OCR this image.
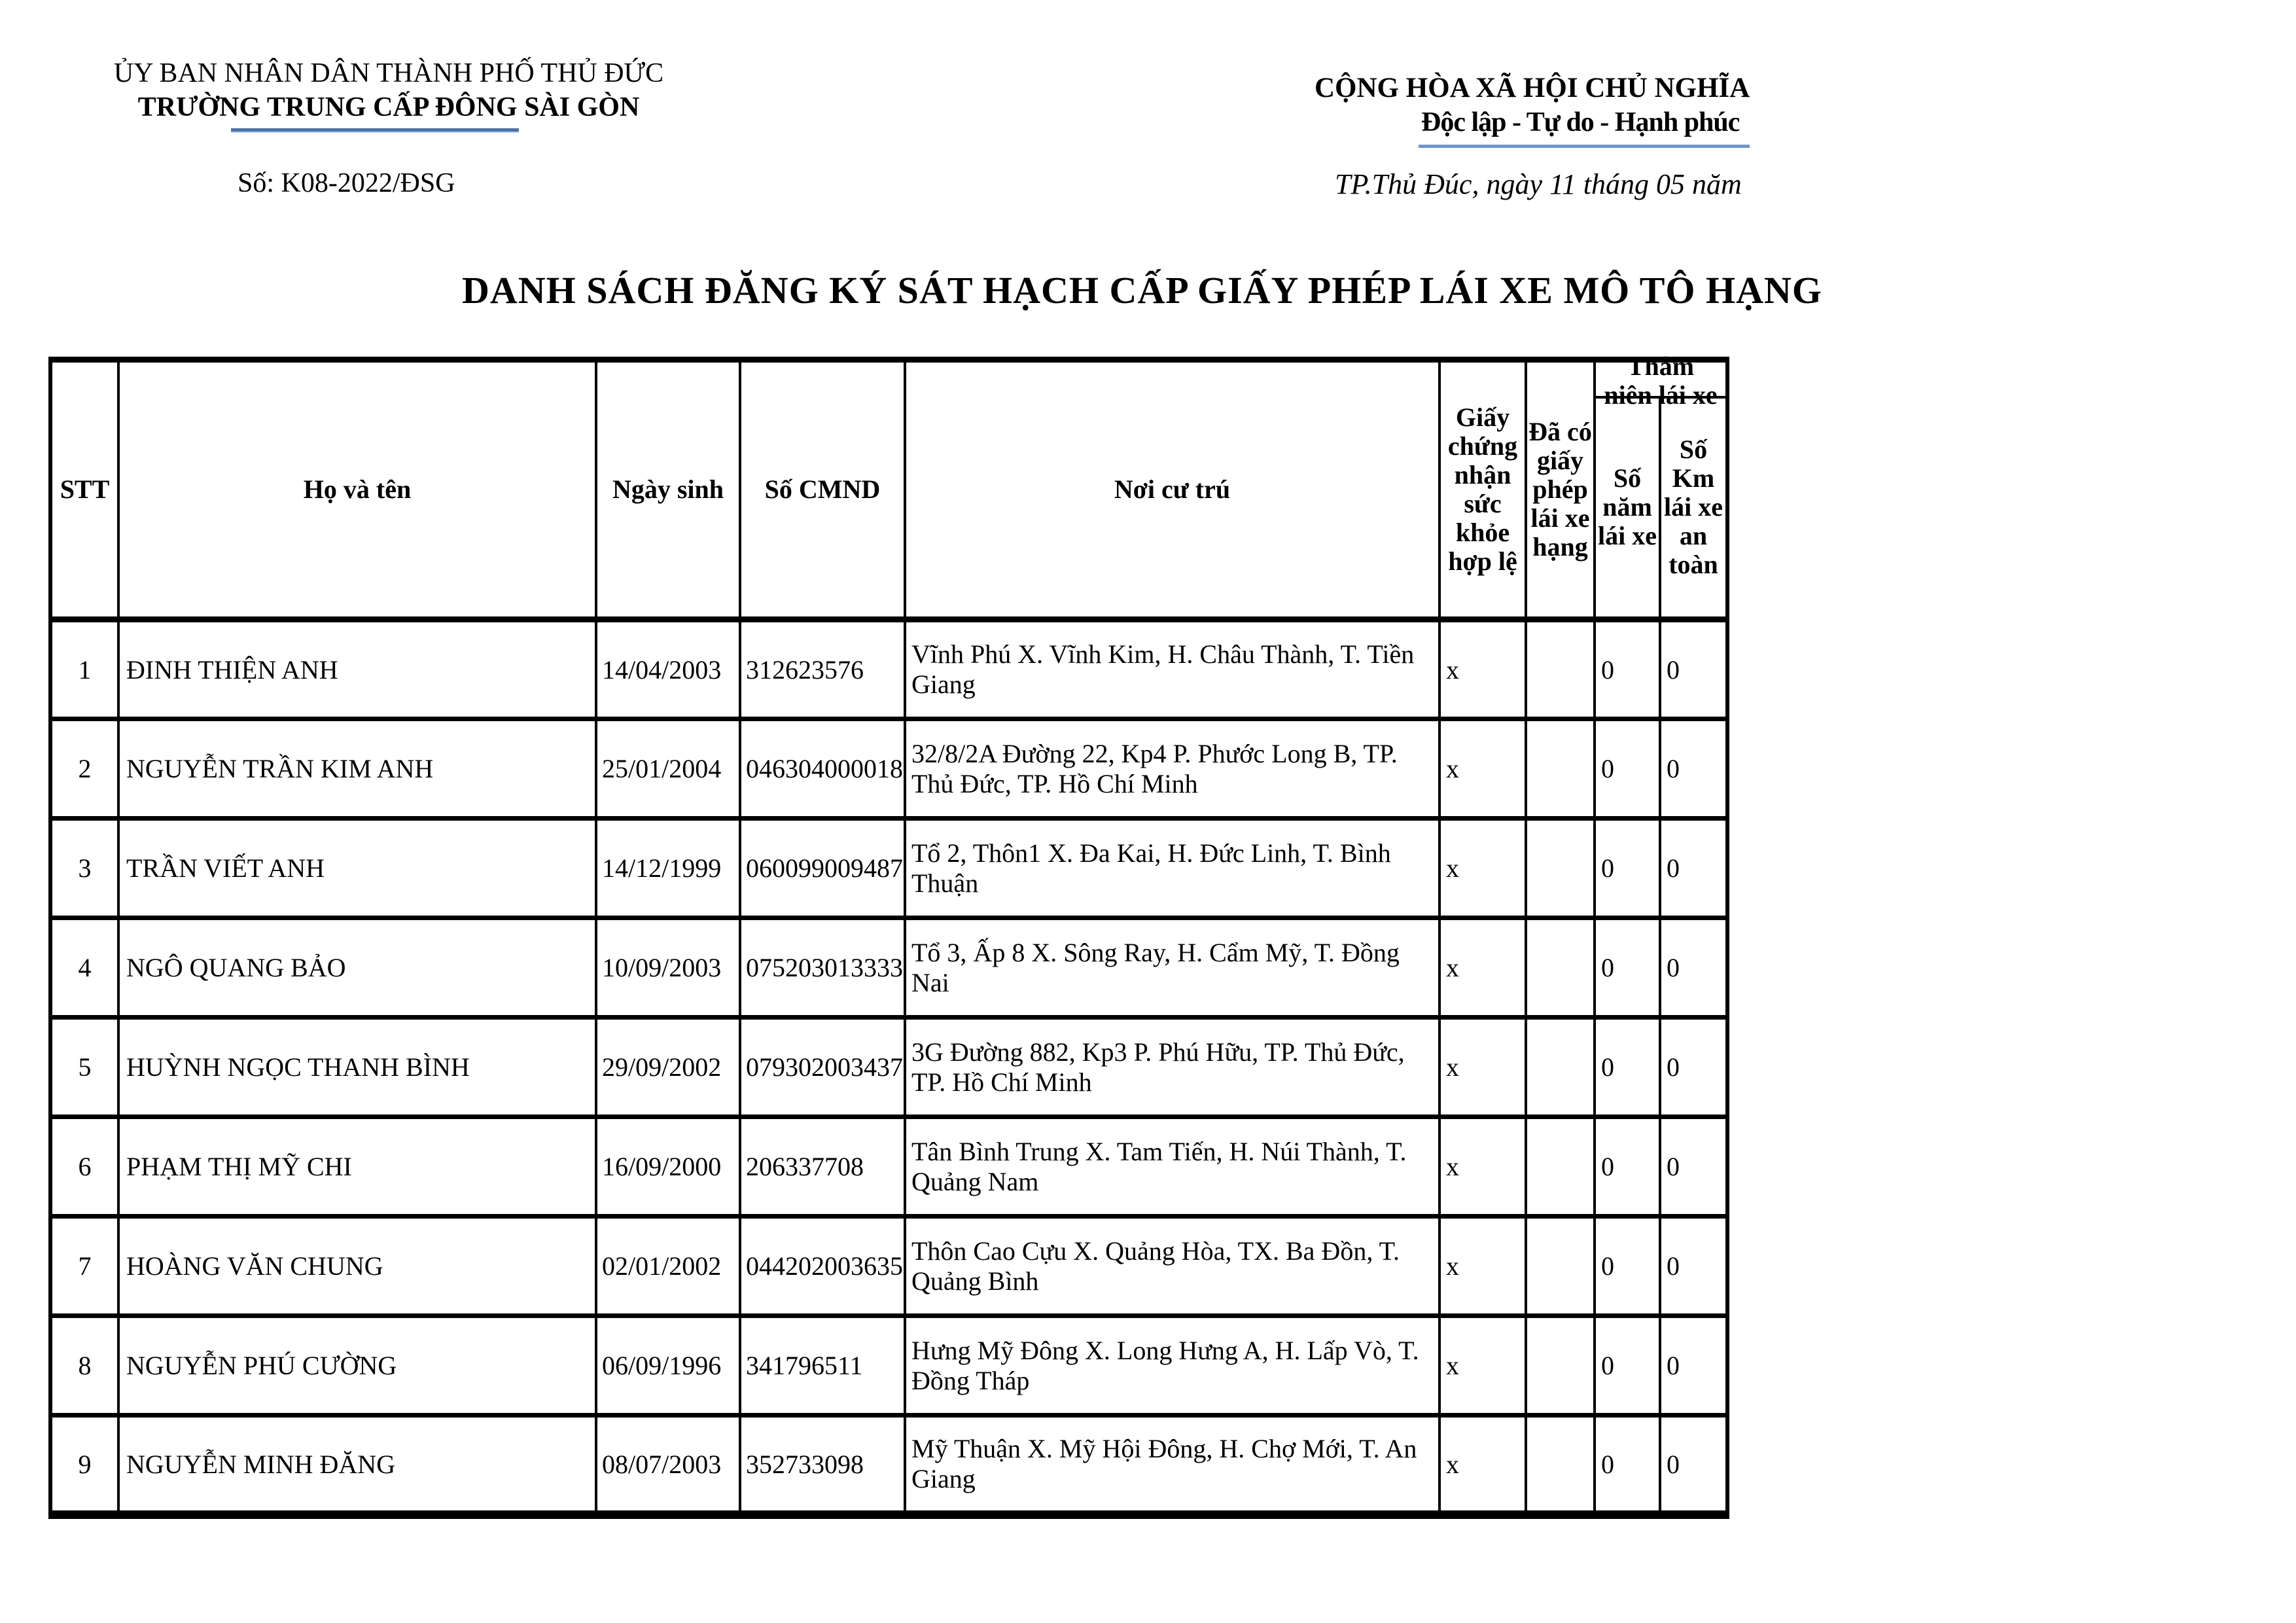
ỦY BAN NHÂN DÂN THÀNH PHỐ THỦ ĐỨC
TRƯỜNG TRUNG CẤP ĐÔNG SÀI GÒN
Số: K08-2022/ĐSG
CỘNG HÒA XÃ HỘI CHỦ NGHĨA
Độc lập - Tự do - Hạnh phúc
TP.Thủ Đúc, ngày 11 tháng 05 năm
DANH SÁCH ĐĂNG KÝ SÁT HẠCH CẤP GIẤY PHÉP LÁI XE MÔ TÔ HẠNG
STT	Họ và tên	Ngày sinh	Số CMND	Nơi cư trú	Giấy chứng nhận sức khỏe hợp lệ	Đã có giấy phép lái xe hạng	Thâm
niên lái xe	

							Số năm lái xe	Số Km lái xe an toàn
1	ĐINH THIỆN ANH	14/04/2003	312623576	Vĩnh Phú X. Vĩnh Kim, H. Châu Thành, T. Tiền Giang	x		0	0
2	NGUYỄN TRẦN KIM ANH	25/01/2004	046304000018	32/8/2A Đường 22, Kp4 P. Phước Long B, TP. Thủ Đức, TP. Hồ Chí Minh	x		0	0
3	TRẦN VIẾT ANH	14/12/1999	060099009487	Tổ 2, Thôn1 X. Đa Kai, H. Đức Linh, T. Bình Thuận	x		0	0
4	NGÔ QUANG BẢO	10/09/2003	075203013333	Tổ 3, Ấp 8 X. Sông Ray, H. Cẩm Mỹ, T. Đồng Nai	x		0	0
5	HUỲNH NGỌC THANH BÌNH	29/09/2002	079302003437	3G Đường 882, Kp3 P. Phú Hữu, TP. Thủ Đức, TP. Hồ Chí Minh	x		0	0
6	PHẠM THỊ MỸ CHI	16/09/2000	206337708	Tân Bình Trung X. Tam Tiến, H. Núi Thành, T. Quảng Nam	x		0	0
7	HOÀNG VĂN CHUNG	02/01/2002	044202003635	Thôn Cao Cựu X. Quảng Hòa, TX. Ba Đồn, T. Quảng Bình	x		0	0
8	NGUYỄN PHÚ CƯỜNG	06/09/1996	341796511	Hưng Mỹ Đông X. Long Hưng A, H. Lấp Vò, T. Đồng Tháp	x		0	0
9	NGUYỄN MINH ĐĂNG	08/07/2003	352733098	Mỹ Thuận X. Mỹ Hội Đông, H. Chợ Mới, T. An Giang	x		0	0
